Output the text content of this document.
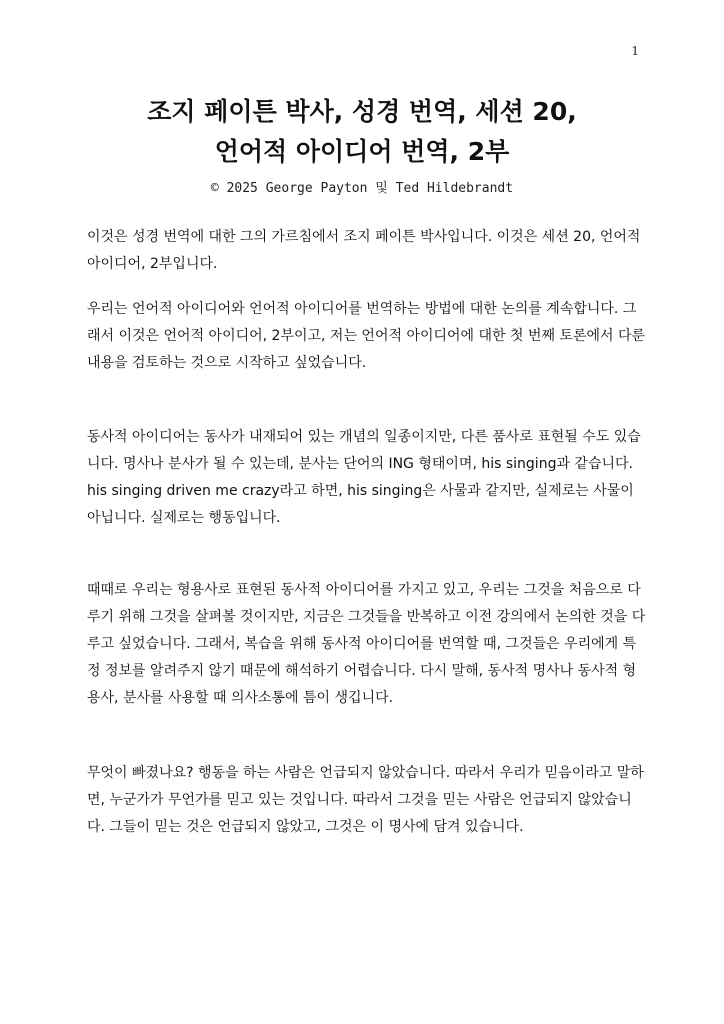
1
조지 페이튼 박사, 성경 번역, 세션 20,
언어적 아이디어 번역, 2부
© 2025 George Payton 및 Ted Hildebrandt

이것은 성경 번역에 대한 그의 가르침에서 조지 페이튼 박사입니다. 이것은 세션 20, 언어적 아이디어, 2부입니다.

우리는 언어적 아이디어와 언어적 아이디어를 번역하는 방법에 대한 논의를 계속합니다. 그래서 이것은 언어적 아이디어, 2부이고, 저는 언어적 아이디어에 대한 첫 번째 토론에서 다룬 내용을 검토하는 것으로 시작하고 싶었습니다.

동사적 아이디어는 동사가 내재되어 있는 개념의 일종이지만, 다른 품사로 표현될 수도 있습니다. 명사나 분사가 될 수 있는데, 분사는 단어의 ING 형태이며, his singing과 같습니다. his singing driven me crazy라고 하면, his singing은 사물과 같지만, 실제로는 사물이 아닙니다. 실제로는 행동입니다.

때때로 우리는 형용사로 표현된 동사적 아이디어를 가지고 있고, 우리는 그것을 처음으로 다루기 위해 그것을 살펴볼 것이지만, 지금은 그것들을 반복하고 이전 강의에서 논의한 것을 다루고 싶었습니다. 그래서, 복습을 위해 동사적 아이디어를 번역할 때, 그것들은 우리에게 특정 정보를 알려주지 않기 때문에 해석하기 어렵습니다. 다시 말해, 동사적 명사나 동사적 형용사, 분사를 사용할 때 의사소통에 틈이 생깁니다.

무엇이 빠졌나요? 행동을 하는 사람은 언급되지 않았습니다. 따라서 우리가 믿음이라고 말하면, 누군가가 무언가를 믿고 있는 것입니다. 따라서 그것을 믿는 사람은 언급되지 않았습니다. 그들이 믿는 것은 언급되지 않았고, 그것은 이 명사에 담겨 있습니다.
